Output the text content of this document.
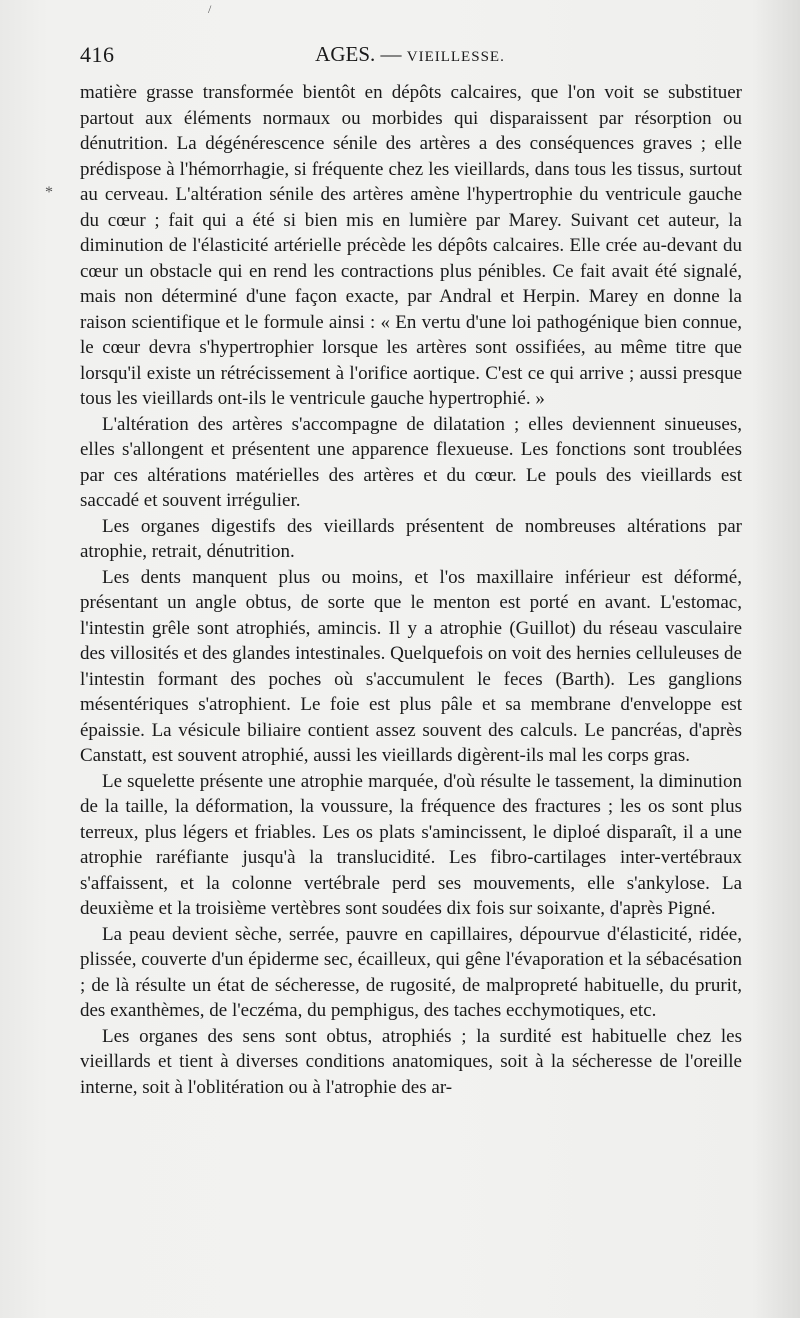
416	AGES. — VIEILLESSE.
*
/

matière grasse transformée bientôt en dépôts calcaires, que l'on voit se substituer partout aux éléments normaux ou morbides qui disparaissent par résorption ou dénutrition. La dégénérescence sénile des artères a des conséquences graves ; elle prédispose à l'hémorrhagie, si fréquente chez les vieillards, dans tous les tissus, surtout au cerveau. L'altération sénile des artères amène l'hypertrophie du ventricule gauche du cœur ; fait qui a été si bien mis en lumière par Marey. Suivant cet auteur, la diminution de l'élasticité artérielle précède les dépôts calcaires. Elle crée au-devant du cœur un obstacle qui en rend les contractions plus pénibles. Ce fait avait été signalé, mais non déterminé d'une façon exacte, par Andral et Herpin. Marey en donne la raison scientifique et le formule ainsi : « En vertu d'une loi pathogénique bien connue, le cœur devra s'hypertrophier lorsque les artères sont ossifiées, au même titre que lorsqu'il existe un rétrécissement à l'orifice aortique. C'est ce qui arrive ; aussi presque tous les vieillards ont-ils le ventricule gauche hypertrophié. »

L'altération des artères s'accompagne de dilatation ; elles deviennent sinueuses, elles s'allongent et présentent une apparence flexueuse. Les fonctions sont troublées par ces altérations matérielles des artères et du cœur. Le pouls des vieillards est saccadé et souvent irrégulier.

Les organes digestifs des vieillards présentent de nombreuses altérations par atrophie, retrait, dénutrition.

Les dents manquent plus ou moins, et l'os maxillaire inférieur est déformé, présentant un angle obtus, de sorte que le menton est porté en avant. L'estomac, l'intestin grêle sont atrophiés, amincis. Il y a atrophie (Guillot) du réseau vasculaire des villosités et des glandes intestinales. Quelquefois on voit des hernies celluleuses de l'intestin formant des poches où s'accumulent le feces (Barth). Les ganglions mésentériques s'atrophient. Le foie est plus pâle et sa membrane d'enveloppe est épaissie. La vésicule biliaire contient assez souvent des calculs. Le pancréas, d'après Canstatt, est souvent atrophié, aussi les vieillards digèrent-ils mal les corps gras.

Le squelette présente une atrophie marquée, d'où résulte le tassement, la diminution de la taille, la déformation, la voussure, la fréquence des fractures ; les os sont plus terreux, plus légers et friables. Les os plats s'amincissent, le diploé disparaît, il a une atrophie raréfiante jusqu'à la translucidité. Les fibro-cartilages inter-vertébraux s'affaissent, et la colonne vertébrale perd ses mouvements, elle s'ankylose. La deuxième et la troisième vertèbres sont soudées dix fois sur soixante, d'après Pigné.

La peau devient sèche, serrée, pauvre en capillaires, dépourvue d'élasticité, ridée, plissée, couverte d'un épiderme sec, écailleux, qui gêne l'évaporation et la sébacésation ; de là résulte un état de sécheresse, de rugosité, de malpropreté habituelle, du prurit, des exanthèmes, de l'eczéma, du pemphigus, des taches ecchymotiques, etc.

Les organes des sens sont obtus, atrophiés ; la surdité est habituelle chez les vieillards et tient à diverses conditions anatomiques, soit à la sécheresse de l'oreille interne, soit à l'oblitération ou à l'atrophie des ar-
